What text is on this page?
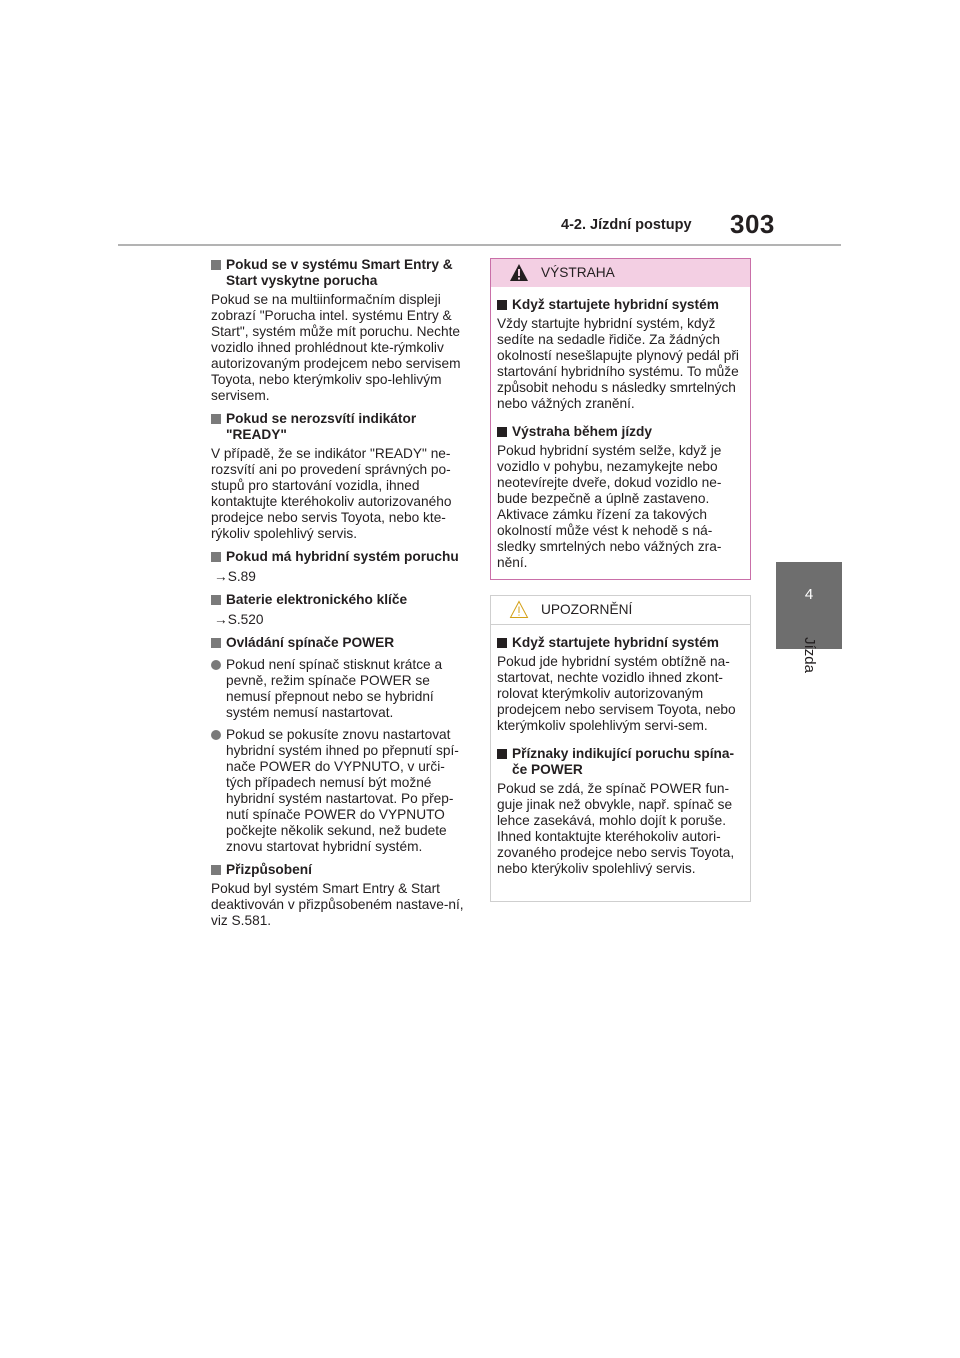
4-2. Jízdní postupy 303
4
Jízda
Pokud se v systému Smart Entry & Start vyskytne porucha
Pokud se na multiinformačním displeji zobrazí "Porucha intel. systému Entry & Start", systém může mít poruchu. Nechte vozidlo ihned prohlédnout kte-rýmkoliv autorizovaným prodejcem nebo servisem Toyota, nebo kterýmkoliv spo-lehlivým servisem.
Pokud se nerozsvítí indikátor "READY"
V případě, že se indikátor "READY" ne-rozsvítí ani po provedení správných po-stupů pro startování vozidla, ihned kontaktujte kteréhokoliv autorizovaného prodejce nebo servis Toyota, nebo kte-rýkoliv spolehlivý servis.
Pokud má hybridní systém poruchu
→S.89
Baterie elektronického klíče
→S.520
Ovládání spínače POWER
Pokud není spínač stisknut krátce a pevně, režim spínače POWER se nemusí přepnout nebo se hybridní systém nemusí nastartovat.
Pokud se pokusíte znovu nastartovat hybridní systém ihned po přepnutí spí-nače POWER do VYPNUTO, v urči-tých případech nemusí být možné hybridní systém nastartovat. Po přep-nutí spínače POWER do VYPNUTO počkejte několik sekund, než budete znovu startovat hybridní systém.
Přizpůsobení
Pokud byl systém Smart Entry & Start deaktivován v přizpůsobeném nastave-ní, viz S.581.
VÝSTRAHA
Když startujete hybridní systém
Vždy startujte hybridní systém, když sedíte na sedadle řidiče. Za žádných okolností nesešlapujte plynový pedál při startování hybridního systému. To může způsobit nehodu s následky smrtelných nebo vážných zranění.
Výstraha během jízdy
Pokud hybridní systém selže, když je vozidlo v pohybu, nezamykejte nebo neotevírejte dveře, dokud vozidlo ne-bude bezpečně a úplně zastaveno. Aktivace zámku řízení za takových okolností může vést k nehodě s ná-sledky smrtelných nebo vážných zra-nění.
UPOZORNĚNÍ
Když startujete hybridní systém
Pokud jde hybridní systém obtížně na-startovat, nechte vozidlo ihned zkont-rolovat kterýmkoliv autorizovaným prodejcem nebo servisem Toyota, nebo kterýmkoliv spolehlivým servi-sem.
Příznaky indikující poruchu spína-če POWER
Pokud se zdá, že spínač POWER fun-guje jinak než obvykle, např. spínač se lehce zasekává, mohlo dojít k poruše. Ihned kontaktujte kteréhokoliv autori-zovaného prodejce nebo servis Toyota, nebo kterýkoliv spolehlivý servis.
